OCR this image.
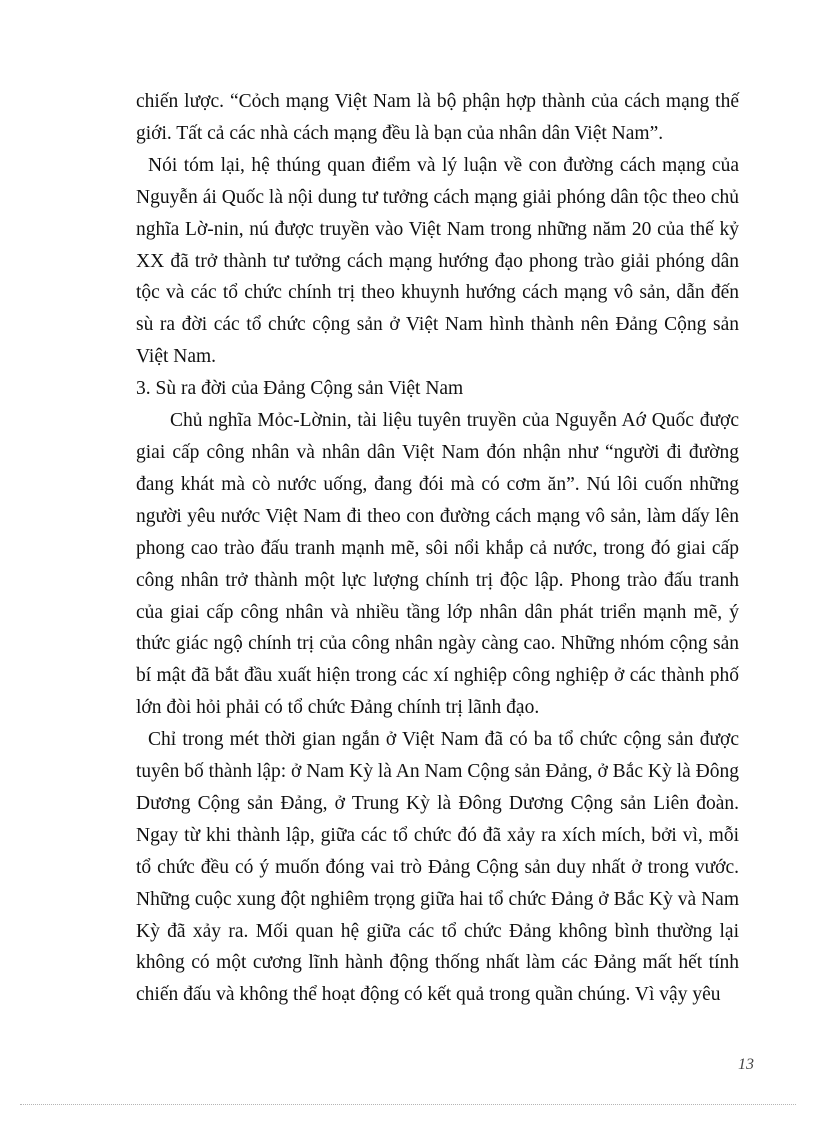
chiến lược. “Cỏch mạng Việt Nam là bộ phận hợp thành của cách mạng thế giới. Tất cả các nhà cách mạng đều là bạn của nhân dân Việt Nam”.

Nói tóm lại, hệ thúng quan điểm và lý luận về con đường cách mạng của Nguyễn ái Quốc là nội dung tư tưởng cách mạng giải phóng dân tộc theo chủ nghĩa Lờ-nin, nú được truyền vào Việt Nam trong những năm 20 của thế kỷ XX đã trở thành tư tưởng cách mạng hướng đạo phong trào giải phóng dân tộc và các tổ chức chính trị theo khuynh hướng cách mạng vô sản, dẫn đến sù ra đời các tổ chức cộng sản ở Việt Nam hình thành nên Đảng Cộng sản Việt Nam.

3. Sù ra đời của Đảng Cộng sản Việt Nam

Chủ nghĩa Mỏc-Lờnin, tài liệu tuyên truyền của Nguyễn Aớ Quốc được giai cấp công nhân và nhân dân Việt Nam đón nhận như “người đi đường đang khát mà cò nước uống, đang đói mà có cơm ăn”. Nú lôi cuốn những người yêu nước Việt Nam đi theo con đường cách mạng vô sản, làm dấy lên phong cao trào đấu tranh mạnh mẽ, sôi nổi khắp cả nước, trong đó giai cấp công nhân trở thành một lực lượng chính trị độc lập. Phong trào đấu tranh của giai cấp công nhân và nhiều tầng lớp nhân dân phát triển mạnh mẽ, ý thức giác ngộ chính trị của công nhân ngày càng cao. Những nhóm cộng sản bí mật đã bắt đầu xuất hiện trong các xí nghiệp công nghiệp ở các thành phố lớn đòi hỏi phải có tổ chức Đảng chính trị lãnh đạo.

Chỉ trong mét thời gian ngắn ở Việt Nam đã có ba tổ chức cộng sản được tuyên bố thành lập: ở Nam Kỳ là An Nam Cộng sản Đảng, ở Bắc Kỳ là Đông Dương Cộng sản Đảng, ở Trung Kỳ là Đông Dương Cộng sản Liên đoàn. Ngay từ khi thành lập, giữa các tổ chức đó đã xảy ra xích mích, bởi vì, mỗi tổ chức đều có ý muốn đóng vai trò Đảng Cộng sản duy nhất ở trong vước. Những cuộc xung đột nghiêm trọng giữa hai tổ chức Đảng ở Bắc Kỳ và Nam Kỳ đã xảy ra. Mối quan hệ giữa các tổ chức Đảng không bình thường lại không có một cương lĩnh hành động thống nhất làm các Đảng mất hết tính chiến đấu và không thể hoạt động có kết quả trong quần chúng. Vì vậy yêu

13
